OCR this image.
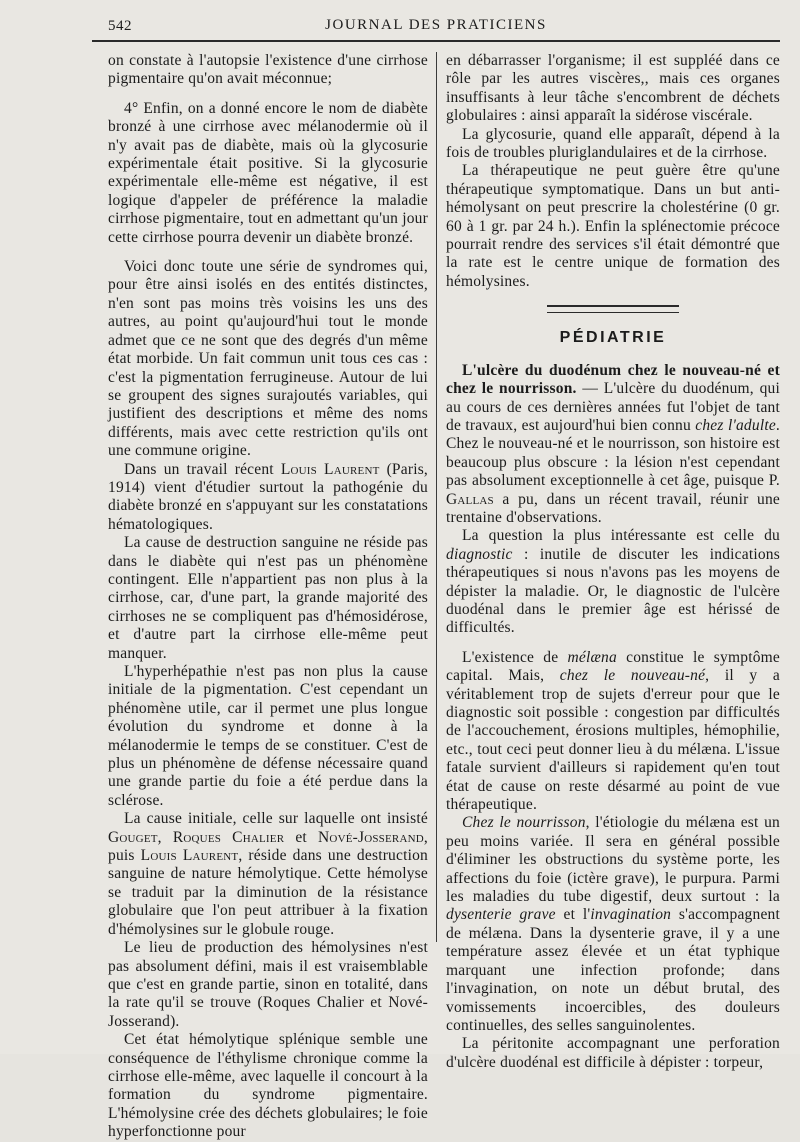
542	JOURNAL DES PRATICIENS

on constate à l'autopsie l'existence d'une cirrhose pigmentaire qu'on avait méconnue;

4° Enfin, on a donné encore le nom de diabète bronzé à une cirrhose avec mélanodermie où il n'y avait pas de diabète, mais où la glycosurie expérimentale était positive. Si la glycosurie expérimentale elle-même est négative, il est logique d'appeler de préférence la maladie cirrhose pigmentaire, tout en admettant qu'un jour cette cirrhose pourra devenir un diabète bronzé.

Voici donc toute une série de syndromes qui, pour être ainsi isolés en des entités distinctes, n'en sont pas moins très voisins les uns des autres, au point qu'aujourd'hui tout le monde admet que ce ne sont que des degrés d'un même état morbide. Un fait commun unit tous ces cas : c'est la pigmentation ferrugineuse. Autour de lui se groupent des signes surajoutés variables, qui justifient des descriptions et même des noms différents, mais avec cette restriction qu'ils ont une commune origine.

Dans un travail récent Louis Laurent (Paris, 1914) vient d'étudier surtout la pathogénie du diabète bronzé en s'appuyant sur les constatations hématologiques.

La cause de destruction sanguine ne réside pas dans le diabète qui n'est pas un phénomène contingent. Elle n'appartient pas non plus à la cirrhose, car, d'une part, la grande majorité des cirrhoses ne se compliquent pas d'hémosidérose, et d'autre part la cirrhose elle-même peut manquer.

L'hyperhépathie n'est pas non plus la cause initiale de la pigmentation. C'est cependant un phénomène utile, car il permet une plus longue évolution du syndrome et donne à la mélanodermie le temps de se constituer. C'est de plus un phénomène de défense nécessaire quand une grande partie du foie a été perdue dans la sclérose.

La cause initiale, celle sur laquelle ont insisté Gouget, Roques Chalier et Nové-Josserand, puis Louis Laurent, réside dans une destruction sanguine de nature hémolytique. Cette hémolyse se traduit par la diminution de la résistance globulaire que l'on peut attribuer à la fixation d'hémolysines sur le globule rouge.

Le lieu de production des hémolysines n'est pas absolument défini, mais il est vraisemblable que c'est en grande partie, sinon en totalité, dans la rate qu'il se trouve (Roques Chalier et Nové-Josserand).

Cet état hémolytique splénique semble une conséquence de l'éthylisme chronique comme la cirrhose elle-même, avec laquelle il concourt à la formation du syndrome pigmentaire. L'hémolysine crée des déchets globulaires; le foie hyperfonctionne pour

en débarrasser l'organisme; il est suppléé dans ce rôle par les autres viscères,, mais ces organes insuffisants à leur tâche s'encombrent de déchets globulaires : ainsi apparaît la sidérose viscérale.

La glycosurie, quand elle apparaît, dépend à la fois de troubles pluriglandulaires et de la cirrhose.

La thérapeutique ne peut guère être qu'une thérapeutique symptomatique. Dans un but anti-hémolysant on peut prescrire la cholestérine (0 gr. 60 à 1 gr. par 24 h.). Enfin la splénectomie précoce pourrait rendre des services s'il était démontré que la rate est le centre unique de formation des hémolysines.

PÉDIATRIE

L'ulcère du duodénum chez le nouveau-né et chez le nourrisson. — L'ulcère du duodénum, qui au cours de ces dernières années fut l'objet de tant de travaux, est aujourd'hui bien connu chez l'adulte. Chez le nouveau-né et le nourrisson, son histoire est beaucoup plus obscure : la lésion n'est cependant pas absolument exceptionnelle à cet âge, puisque P. Gallas a pu, dans un récent travail, réunir une trentaine d'observations.

La question la plus intéressante est celle du diagnostic : inutile de discuter les indications thérapeutiques si nous n'avons pas les moyens de dépister la maladie. Or, le diagnostic de l'ulcère duodénal dans le premier âge est hérissé de difficultés.

L'existence de mélæna constitue le symptôme capital. Mais, chez le nouveau-né, il y a véritablement trop de sujets d'erreur pour que le diagnostic soit possible : congestion par difficultés de l'accouchement, érosions multiples, hémophilie, etc., tout ceci peut donner lieu à du mélæna. L'issue fatale survient d'ailleurs si rapidement qu'en tout état de cause on reste désarmé au point de vue thérapeutique.

Chez le nourrisson, l'étiologie du mélæna est un peu moins variée. Il sera en général possible d'éliminer les obstructions du système porte, les affections du foie (ictère grave), le purpura. Parmi les maladies du tube digestif, deux surtout : la dysenterie grave et l'invagination s'accompagnent de mélæna. Dans la dysenterie grave, il y a une température assez élevée et un état typhique marquant une infection profonde; dans l'invagination, on note un début brutal, des vomissements incoercibles, des douleurs continuelles, des selles sanguinolentes.

La péritonite accompagnant une perforation d'ulcère duodénal est difficile à dépister : torpeur,
